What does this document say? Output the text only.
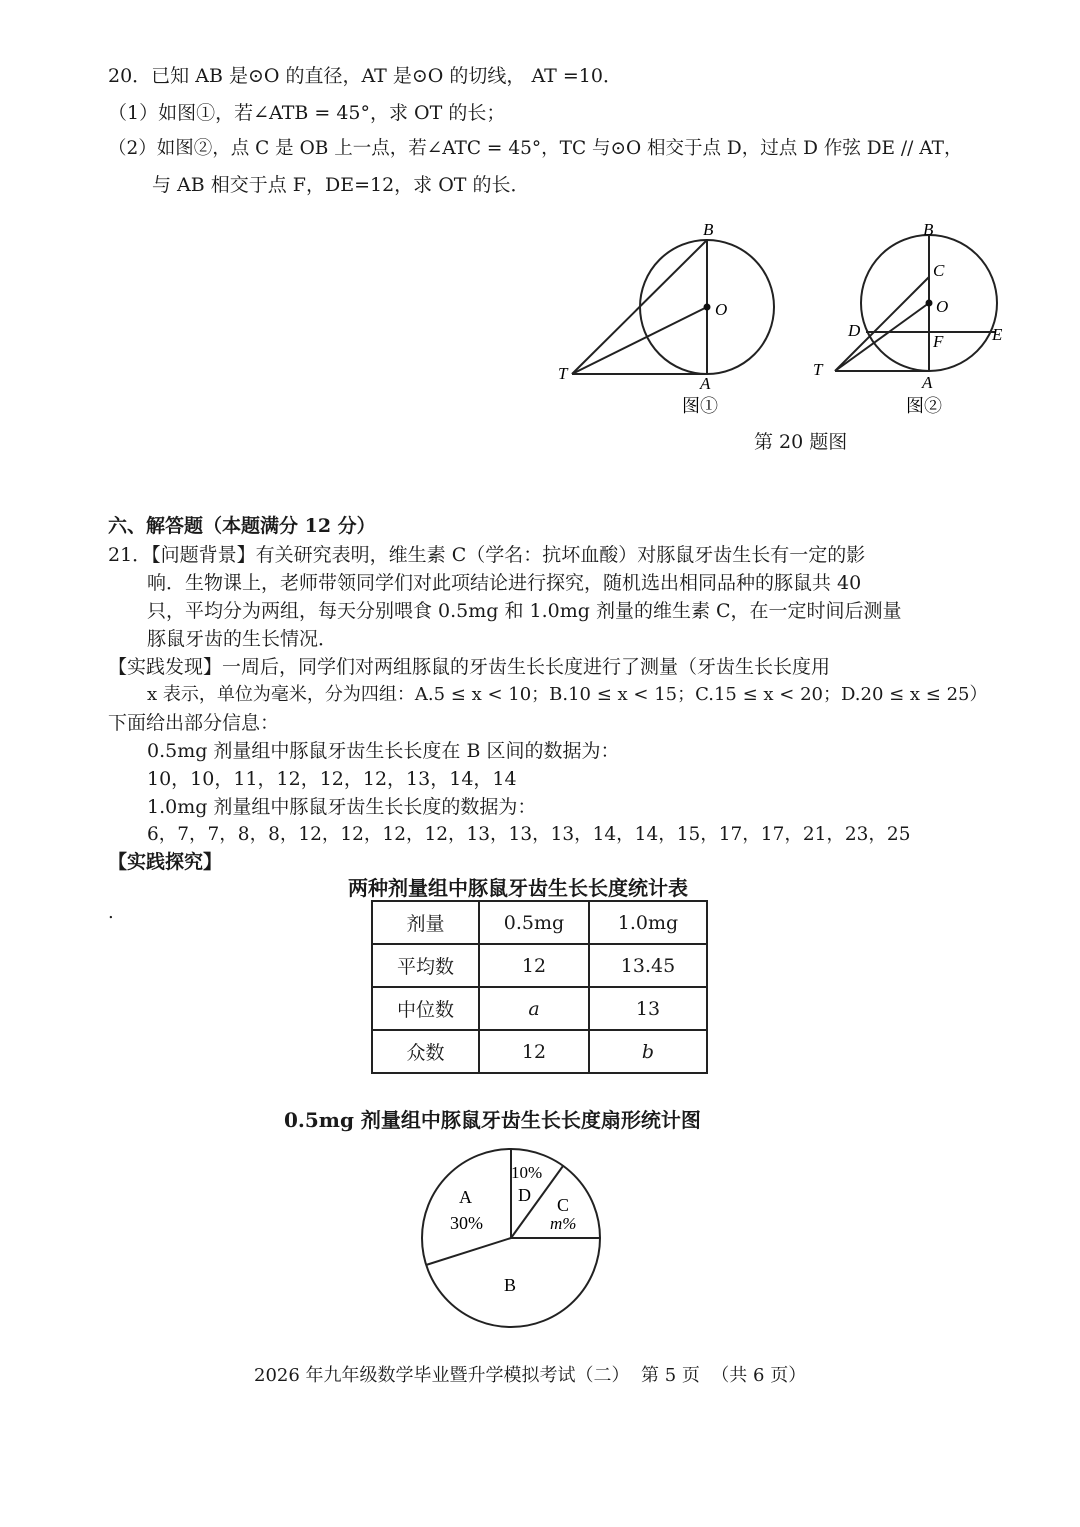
20．已知 AB 是⊙O 的直径，AT 是⊙O 的切线， AT =10．
（1）如图①，若∠ATB = 45°，求 OT 的长；
（2）如图②，点 C 是 OB 上一点，若∠ATC = 45°，TC 与⊙O 相交于点 D，过点 D 作弦 DE // AT，
与 AB 相交于点 F，DE=12，求 OT 的长．
B
O
T
A
图①
B
C
O
D	E
F
T
A
图②
第 20 题图
六、解答题（本题满分 12 分）
21．【问题背景】有关研究表明，维生素 C（学名：抗坏血酸）对豚鼠牙齿生长有一定的影
响．生物课上，老师带领同学们对此项结论进行探究，随机选出相同品种的豚鼠共 40
只，平均分为两组，每天分别喂食 0.5mg 和 1.0mg 剂量的维生素 C，在一定时间后测量
豚鼠牙齿的生长情况．
【实践发现】一周后，同学们对两组豚鼠的牙齿生长长度进行了测量（牙齿生长长度用
x 表示，单位为毫米，分为四组：A.5 ≤ x < 10；B.10 ≤ x < 15；C.15 ≤ x < 20；D.20 ≤ x ≤ 25）
下面给出部分信息：
0.5mg 剂量组中豚鼠牙齿生长长度在 B 区间的数据为：
10，10，11，12，12，12，13，14，14
1.0mg 剂量组中豚鼠牙齿生长长度的数据为：
6，7，7，8，8，12，12，12，12，13，13，13，14，14，15，17，17，21，23，25
【实践探究】
两种剂量组中豚鼠牙齿生长长度统计表
.
剂量	0.5mg	1.0mg
平均数	12	13.45
中位数	a	13
众数	12	b
0.5mg 剂量组中豚鼠牙齿生长长度扇形统计图
A
30%
B
C
m%
10%
D
2026 年九年级数学毕业暨升学模拟考试（二）  第 5 页  （共 6 页）
